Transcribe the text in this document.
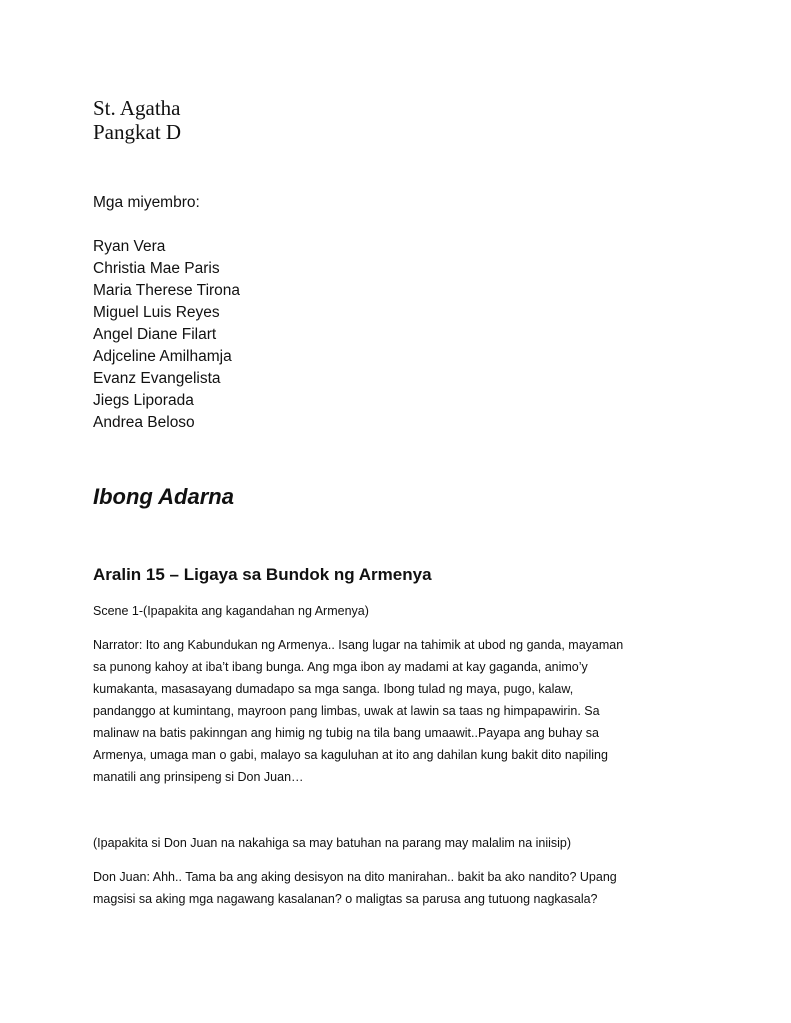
St. Agatha

Pangkat D

Mga miyembro:

Ryan Vera
Christia Mae Paris
Maria Therese Tirona
Miguel Luis Reyes
Angel Diane Filart
Adjceline Amilhamja
Evanz Evangelista
Jiegs Liporada
Andrea Beloso
Ibong Adarna
Aralin 15 – Ligaya sa Bundok ng Armenya

Scene 1-(Ipapakita ang kagandahan ng Armenya)

Narrator: Ito ang Kabundukan ng Armenya.. Isang lugar na tahimik at ubod ng ganda, mayaman

sa punong kahoy at iba’t ibang bunga. Ang mga ibon ay madami at kay gaganda, animo’y

kumakanta, masasayang dumadapo sa mga sanga. Ibong tulad ng maya, pugo, kalaw,

pandanggo at kumintang, mayroon pang limbas, uwak at lawin sa taas ng himpapawirin. Sa

malinaw na batis pakinngan ang himig ng tubig na tila bang umaawit..Payapa ang buhay sa

Armenya, umaga man o gabi, malayo sa kaguluhan at ito ang dahilan kung bakit dito napiling

manatili ang prinsipeng si Don Juan…

(Ipapakita si Don Juan na nakahiga sa may batuhan na parang may malalim na iniisip)

Don Juan: Ahh.. Tama ba ang aking desisyon na dito manirahan.. bakit ba ako nandito? Upang

magsisi sa aking mga nagawang kasalanan? o maligtas sa parusa ang tutuong nagkasala?
